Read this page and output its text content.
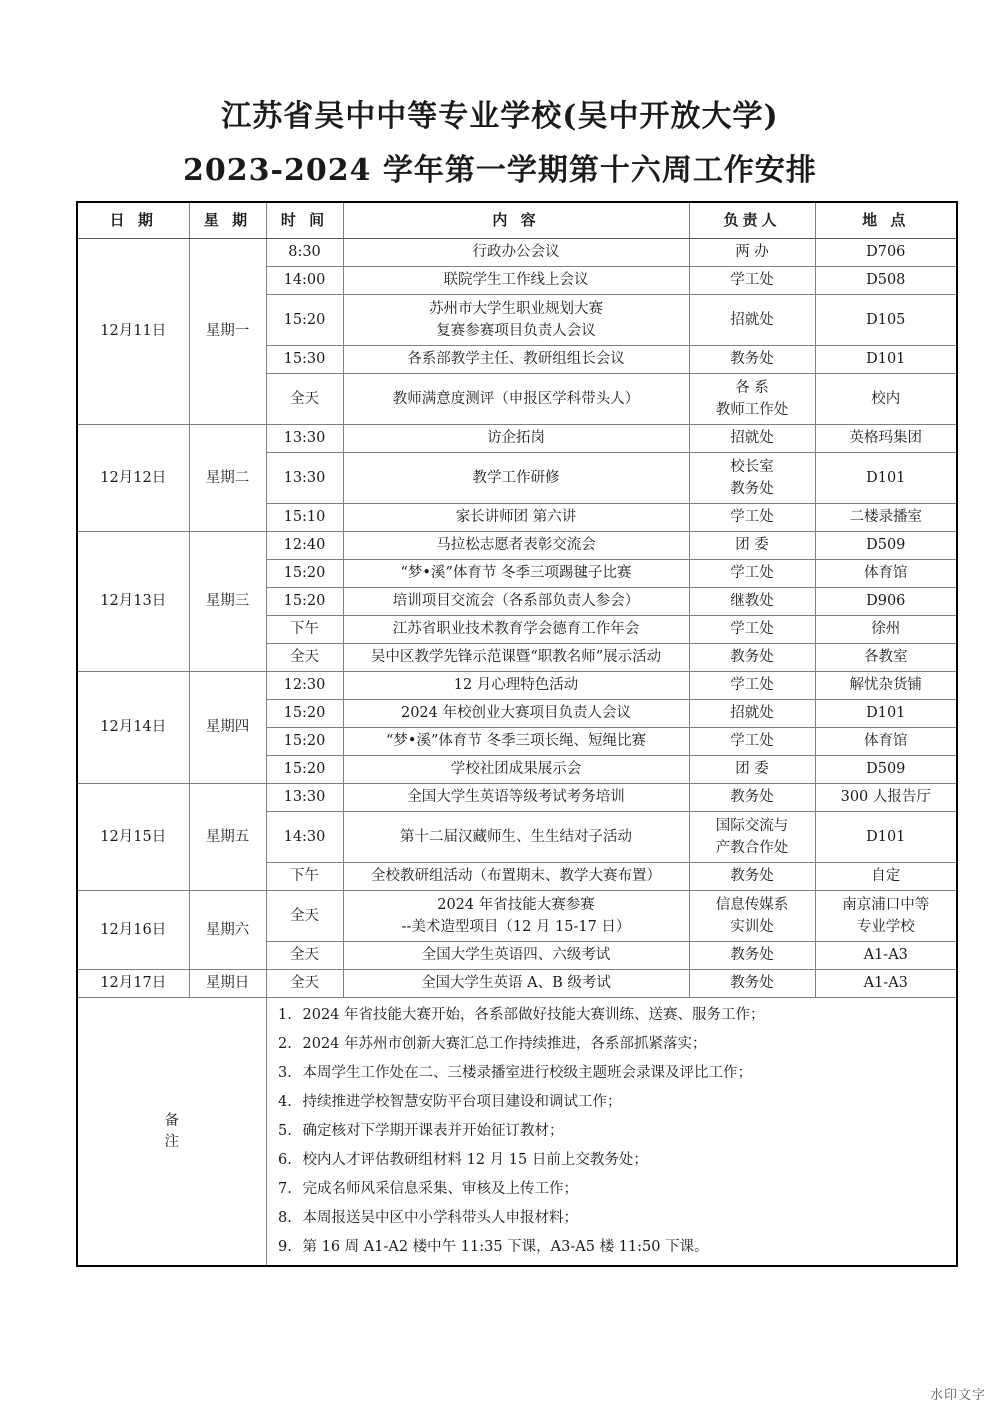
江苏省吴中中等专业学校(吴中开放大学)
2023-2024 学年第一学期第十六周工作安排
日 期	星 期	时 间	内 容	负责人	地 点
12月11日	星期一	8:30	行政办公会议	两 办	D706
		14:00	联院学生工作线上会议	学工处	D508
		15:20	苏州市大学生职业规划大赛
复赛参赛项目负责人会议	招就处	D105
		15:30	各系部教学主任、教研组组长会议	教务处	D101
		全天	教师满意度测评（申报区学科带头人）	各 系
教师工作处	校内
12月12日	星期二	13:30	访企拓岗	招就处	英格玛集团
		13:30	教学工作研修	校长室
教务处	D101
		15:10	家长讲师团 第六讲	学工处	二楼录播室
12月13日	星期三	12:40	马拉松志愿者表彰交流会	团 委	D509
		15:20	“梦•溪”体育节 冬季三项踢毽子比赛	学工处	体育馆
		15:20	培训项目交流会（各系部负责人参会）	继教处	D906
		下午	江苏省职业技术教育学会德育工作年会	学工处	徐州
		全天	吴中区教学先锋示范课暨“职教名师”展示活动	教务处	各教室
12月14日	星期四	12:30	12 月心理特色活动	学工处	解忧杂货铺
		15:20	2024 年校创业大赛项目负责人会议	招就处	D101
		15:20	“梦•溪”体育节 冬季三项长绳、短绳比赛	学工处	体育馆
		15:20	学校社团成果展示会	团 委	D509
12月15日	星期五	13:30	全国大学生英语等级考试考务培训	教务处	300 人报告厅
		14:30	第十二届汉藏师生、生生结对子活动	国际交流与
产教合作处	D101
		下午	全校教研组活动（布置期末、教学大赛布置）	教务处	自定
12月16日	星期六	全天	2024 年省技能大赛参赛
--美术造型项目（12 月 15-17 日）	信息传媒系
实训处	南京浦口中等
专业学校

		全天	全国大学生英语四、六级考试	教务处	A1-A3
12月17日	星期日	全天	全国大学生英语 A、B 级考试	教务处	A1-A3

备
注

1. 2024 年省技能大赛开始，各系部做好技能大赛训练、送赛、服务工作；
2. 2024 年苏州市创新大赛汇总工作持续推进，各系部抓紧落实；
3. 本周学生工作处在二、三楼录播室进行校级主题班会录课及评比工作；
4. 持续推进学校智慧安防平台项目建设和调试工作；
5. 确定核对下学期开课表并开始征订教材；
6. 校内人才评估教研组材料 12 月 15 日前上交教务处；
7. 完成名师风采信息采集、审核及上传工作；
8. 本周报送吴中区中小学科带头人申报材料；
9. 第 16 周 A1-A2 楼中午 11:35 下课，A3-A5 楼 11:50 下课。
水印文字
